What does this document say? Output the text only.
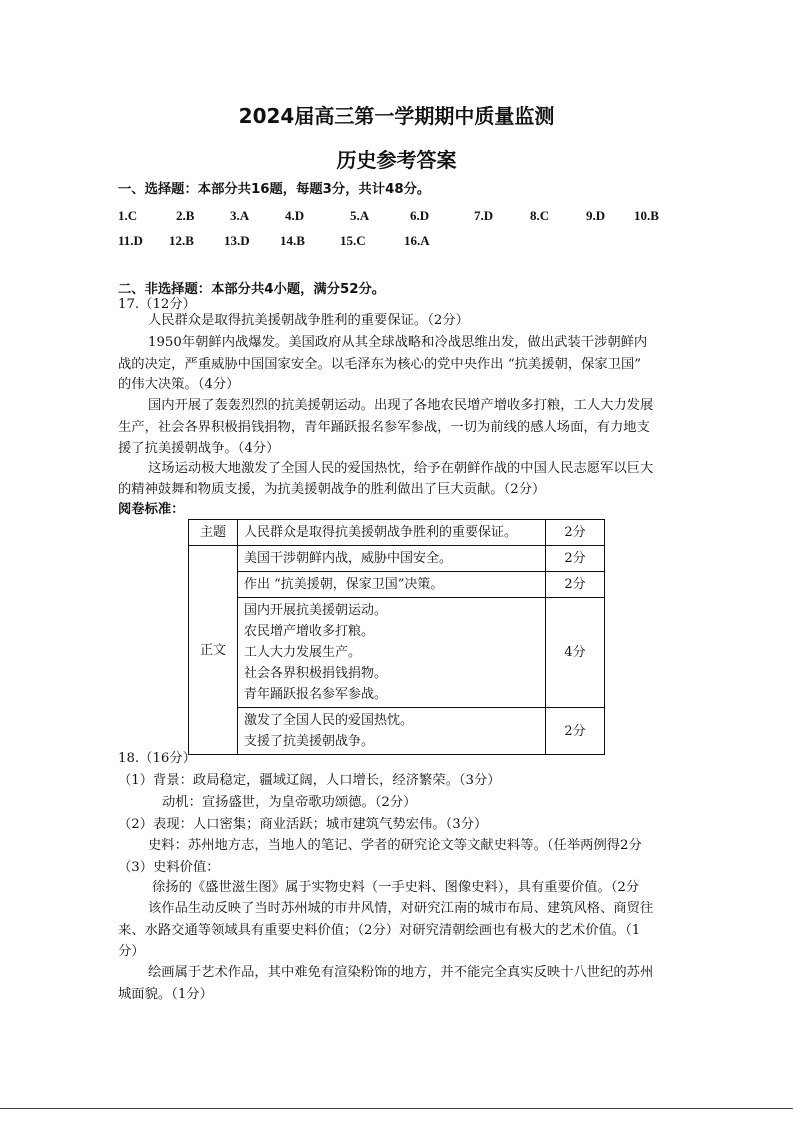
2024届高三第一学期期中质量监测
历史参考答案
一、选择题：本部分共16题，每题3分，共计48分。
1.C	2.B	3.A	4.D	5.A	6.D	7.D	8.C	9.D 10.B
11.D 12.B 13.D 14.B	15.C	16.A
二、非选择题：本部分共4小题，满分52分。
17.（12分）
人民群众是取得抗美援朝战争胜利的重要保证。（2分）
1950年朝鲜内战爆发。美国政府从其全球战略和冷战思维出发，做出武装干涉朝鲜内
战的决定，严重威胁中国国家安全。以毛泽东为核心的党中央作出 “抗美援朝，保家卫国”
的伟大决策。（4分）
国内开展了轰轰烈烈的抗美援朝运动。出现了各地农民增产增收多打粮，工人大力发展
生产，社会各界积极捐钱捐物，青年踊跃报名参军参战，一切为前线的感人场面，有力地支
援了抗美援朝战争。（4分）
这场运动极大地激发了全国人民的爱国热忱，给予在朝鲜作战的中国人民志愿军以巨大
的精神鼓舞和物质支援，为抗美援朝战争的胜利做出了巨大贡献。（2分）
阅卷标准：
主题	人民群众是取得抗美援朝战争胜利的重要保证。	2分
正文	美国干涉朝鲜内战，威胁中国安全。	2分
	作出 “抗美援朝，保家卫国”决策。	2分

	国内开展抗美援朝运动。
农民增产增收多打粮。
工人大力发展生产。
社会各界积极捐钱捐物。
青年踊跃报名参军参战。	4分

	激发了全国人民的爱国热忱。
支援了抗美援朝战争。	2分
18.（16分）
（1）背景：政局稳定，疆域辽阔，人口增长，经济繁荣。（3分）
动机：宣扬盛世，为皇帝歌功颂德。（2分）
（2）表现：人口密集；商业活跃；城市建筑气势宏伟。（3分）
史料：苏州地方志，当地人的笔记、学者的研究论文等文献史料等。（任举两例得2分
（3）史料价值：
徐扬的《盛世滋生图》属于实物史料（一手史料、图像史料），具有重要价值。（2分
该作品生动反映了当时苏州城的市井风情，对研究江南的城市布局、建筑风格、商贸往
来、水路交通等领域具有重要史料价值；（2分）对研究清朝绘画也有极大的艺术价值。（1
分）
绘画属于艺术作品，其中难免有渲染粉饰的地方，并不能完全真实反映十八世纪的苏州
城面貌。（1分）
